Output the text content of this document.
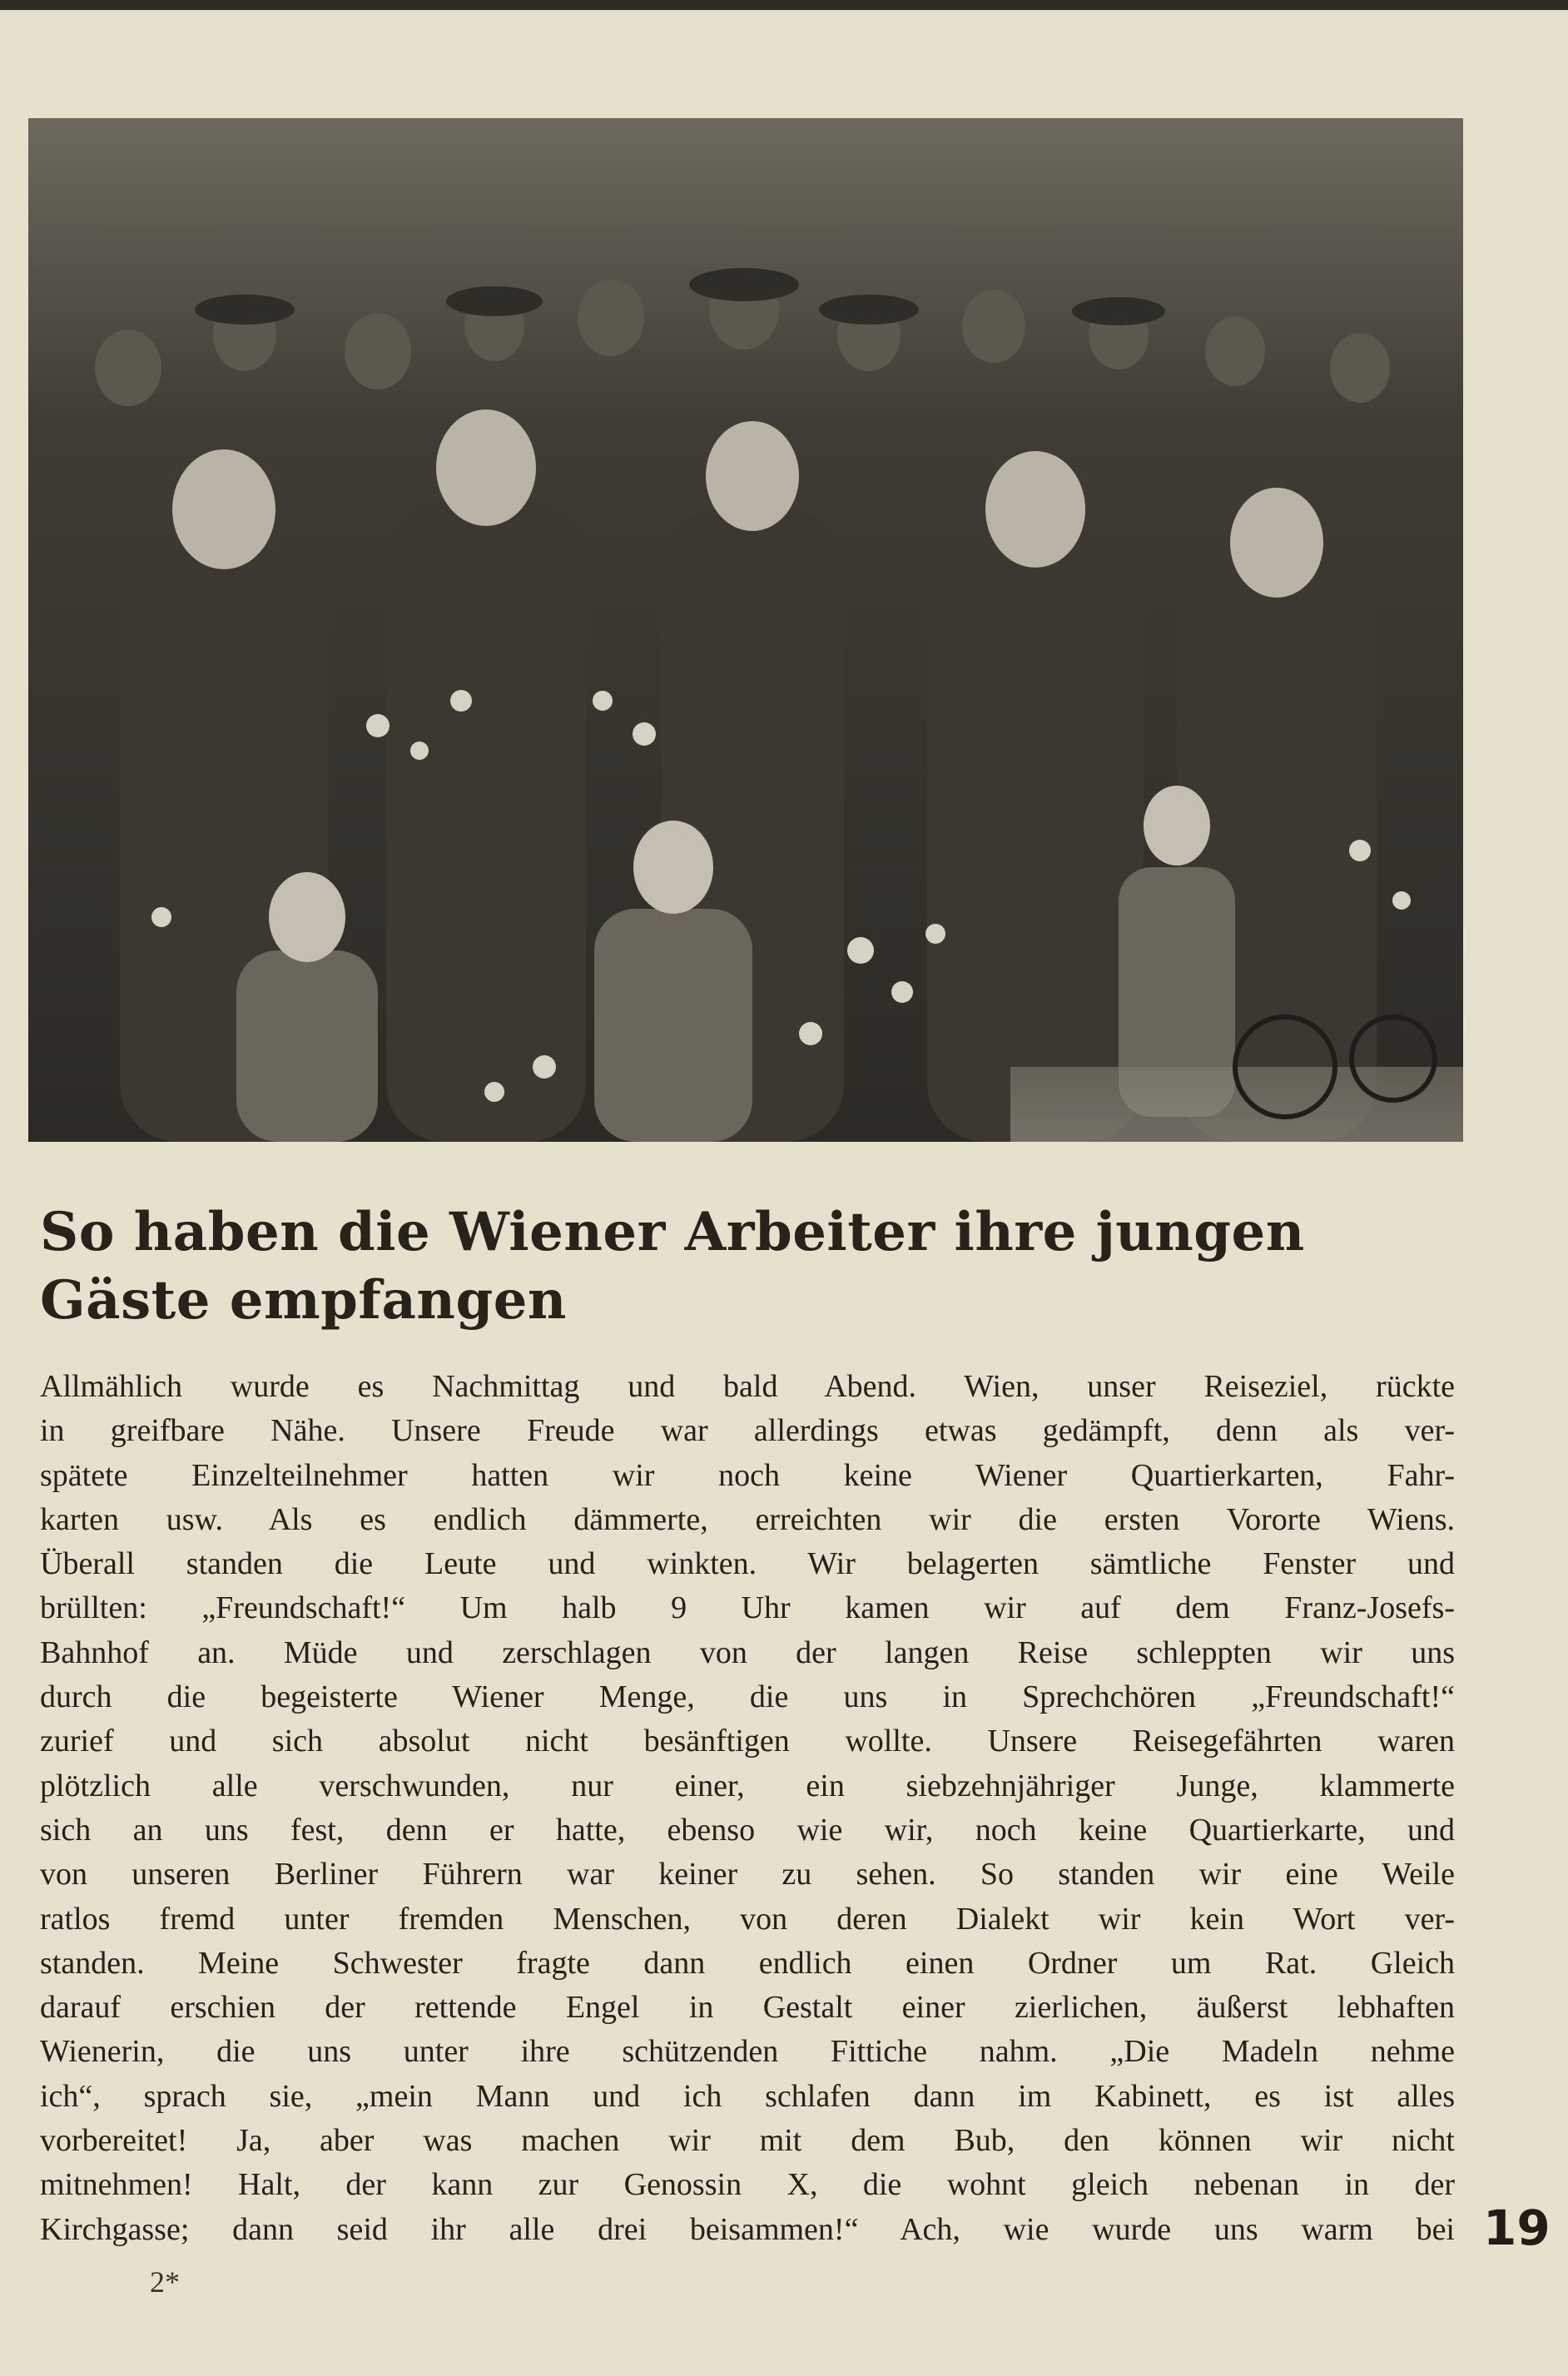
So haben die Wiener Arbeiter ihre jungen Gäste empfangen
Allmählich wurde es Nachmittag und bald Abend. Wien, unser Reiseziel, rückte
in greifbare Nähe. Unsere Freude war allerdings etwas gedämpft, denn als ver-
spätete Einzelteilnehmer hatten wir noch keine Wiener Quartierkarten, Fahr-
karten usw. Als es endlich dämmerte, erreichten wir die ersten Vororte Wiens.
Überall standen die Leute und winkten. Wir belagerten sämtliche Fenster und
brüllten: „Freundschaft!“ Um halb 9 Uhr kamen wir auf dem Franz-Josefs-
Bahnhof an. Müde und zerschlagen von der langen Reise schleppten wir uns
durch die begeisterte Wiener Menge, die uns in Sprechchören „Freundschaft!“
zurief und sich absolut nicht besänftigen wollte. Unsere Reisegefährten waren
plötzlich alle verschwunden, nur einer, ein siebzehnjähriger Junge, klammerte
sich an uns fest, denn er hatte, ebenso wie wir, noch keine Quartierkarte, und
von unseren Berliner Führern war keiner zu sehen. So standen wir eine Weile
ratlos fremd unter fremden Menschen, von deren Dialekt wir kein Wort ver-
standen. Meine Schwester fragte dann endlich einen Ordner um Rat. Gleich
darauf erschien der rettende Engel in Gestalt einer zierlichen, äußerst lebhaften
Wienerin, die uns unter ihre schützenden Fittiche nahm. „Die Madeln nehme
ich“, sprach sie, „mein Mann und ich schlafen dann im Kabinett, es ist alles
vorbereitet! Ja, aber was machen wir mit dem Bub, den können wir nicht
mitnehmen! Halt, der kann zur Genossin X, die wohnt gleich nebenan in der
Kirchgasse; dann seid ihr alle drei beisammen!“ Ach, wie wurde uns warm bei 19
2*
